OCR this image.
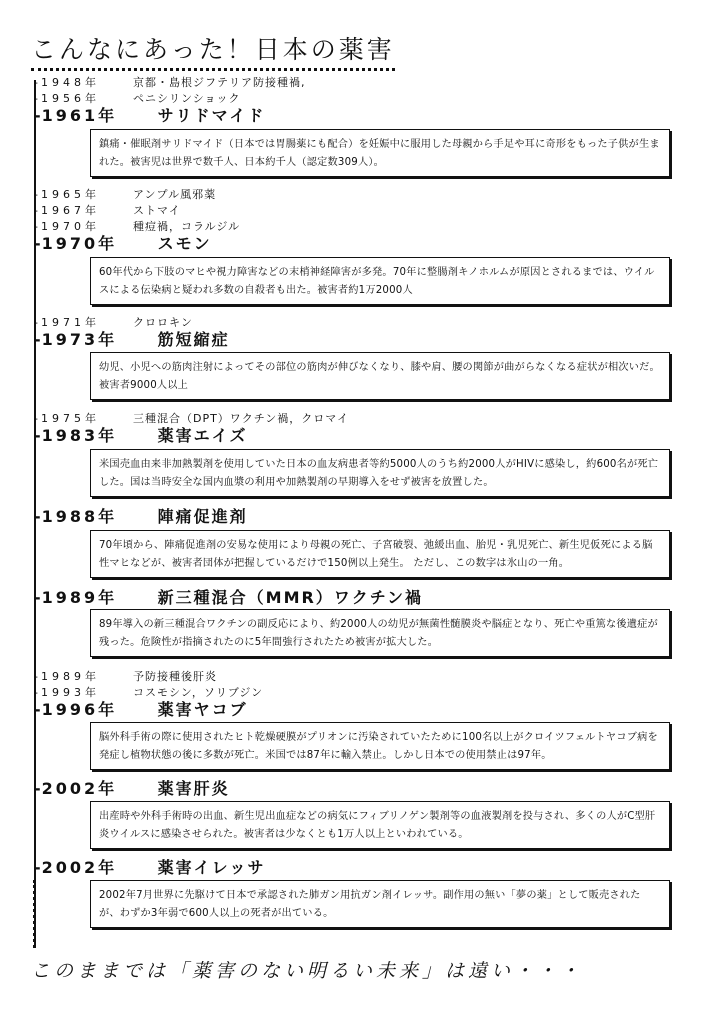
こんなにあった！日本の薬害
- 1948年	京都・島根ジフテリア防接種禍,
- 1956年	ペニシリンショック
- 1961年	サリドマイド
鎮痛・催眠剤サリドマイド（日本では胃腸薬にも配合）を妊娠中に服用した母親から手足や耳に奇形をもった子供が生まれた。被害児は世界で数千人、日本約千人（認定数309人）。
- 1965年	アンプル風邪薬
- 1967年	ストマイ
- 1970年	種痘禍，コラルジル
- 1970年	スモン
60年代から下肢のマヒや視力障害などの末梢神経障害が多発。70年に整腸剤キノホルムが原因とされるまでは、ウイルスによる伝染病と疑われ多数の自殺者も出た。被害者約1万2000人
- 1971年	クロロキン
- 1973年	筋短縮症
幼児、小児への筋肉注射によってその部位の筋肉が伸びなくなり、膝や肩、腰の関節が曲がらなくなる症状が相次いだ。被害者9000人以上
- 1975年	三種混合（DPT）ワクチン禍，クロマイ
- 1983年	薬害エイズ
米国売血由来非加熱製剤を使用していた日本の血友病患者等約5000人のうち約2000人がHIVに感染し，約600名が死亡した。国は当時安全な国内血漿の利用や加熱製剤の早期導入をせず被害を放置した。
- 1988年	陣痛促進剤
70年頃から、陣痛促進剤の安易な使用により母親の死亡、子宮破裂、弛緩出血、胎児・乳児死亡、新生児仮死による脳性マヒなどが、被害者団体が把握しているだけで150例以上発生。 ただし、この数字は氷山の一角。
- 1989年	新三種混合（MMR）ワクチン禍
89年導入の新三種混合ワクチンの副反応により、約2000人の幼児が無菌性髄膜炎や脳症となり、死亡や重篤な後遺症が残った。危険性が指摘されたのに5年間強行されたため被害が拡大した。
- 1989年	予防接種後肝炎
- 1993年	コスモシン，ソリブジン
- 1996年	薬害ヤコブ
脳外科手術の際に使用されたヒト乾燥硬膜がプリオンに汚染されていたために100名以上がクロイツフェルトヤコブ病を発症し植物状態の後に多数が死亡。米国では87年に輸入禁止。しかし日本での使用禁止は97年。
- 2002年	薬害肝炎
出産時や外科手術時の出血、新生児出血症などの病気にフィブリノゲン製剤等の血液製剤を投与され、多くの人がC型肝炎ウイルスに感染させられた。被害者は少なくとも1万人以上といわれている。
- 2002年	薬害イレッサ
2002年7月世界に先駆けて日本で承認された肺ガン用抗ガン剤イレッサ。副作用の無い「夢の薬」として販売されたが、わずか3年弱で600人以上の死者が出ている。
このままでは「薬害のない明るい未来」は遠い・・・
